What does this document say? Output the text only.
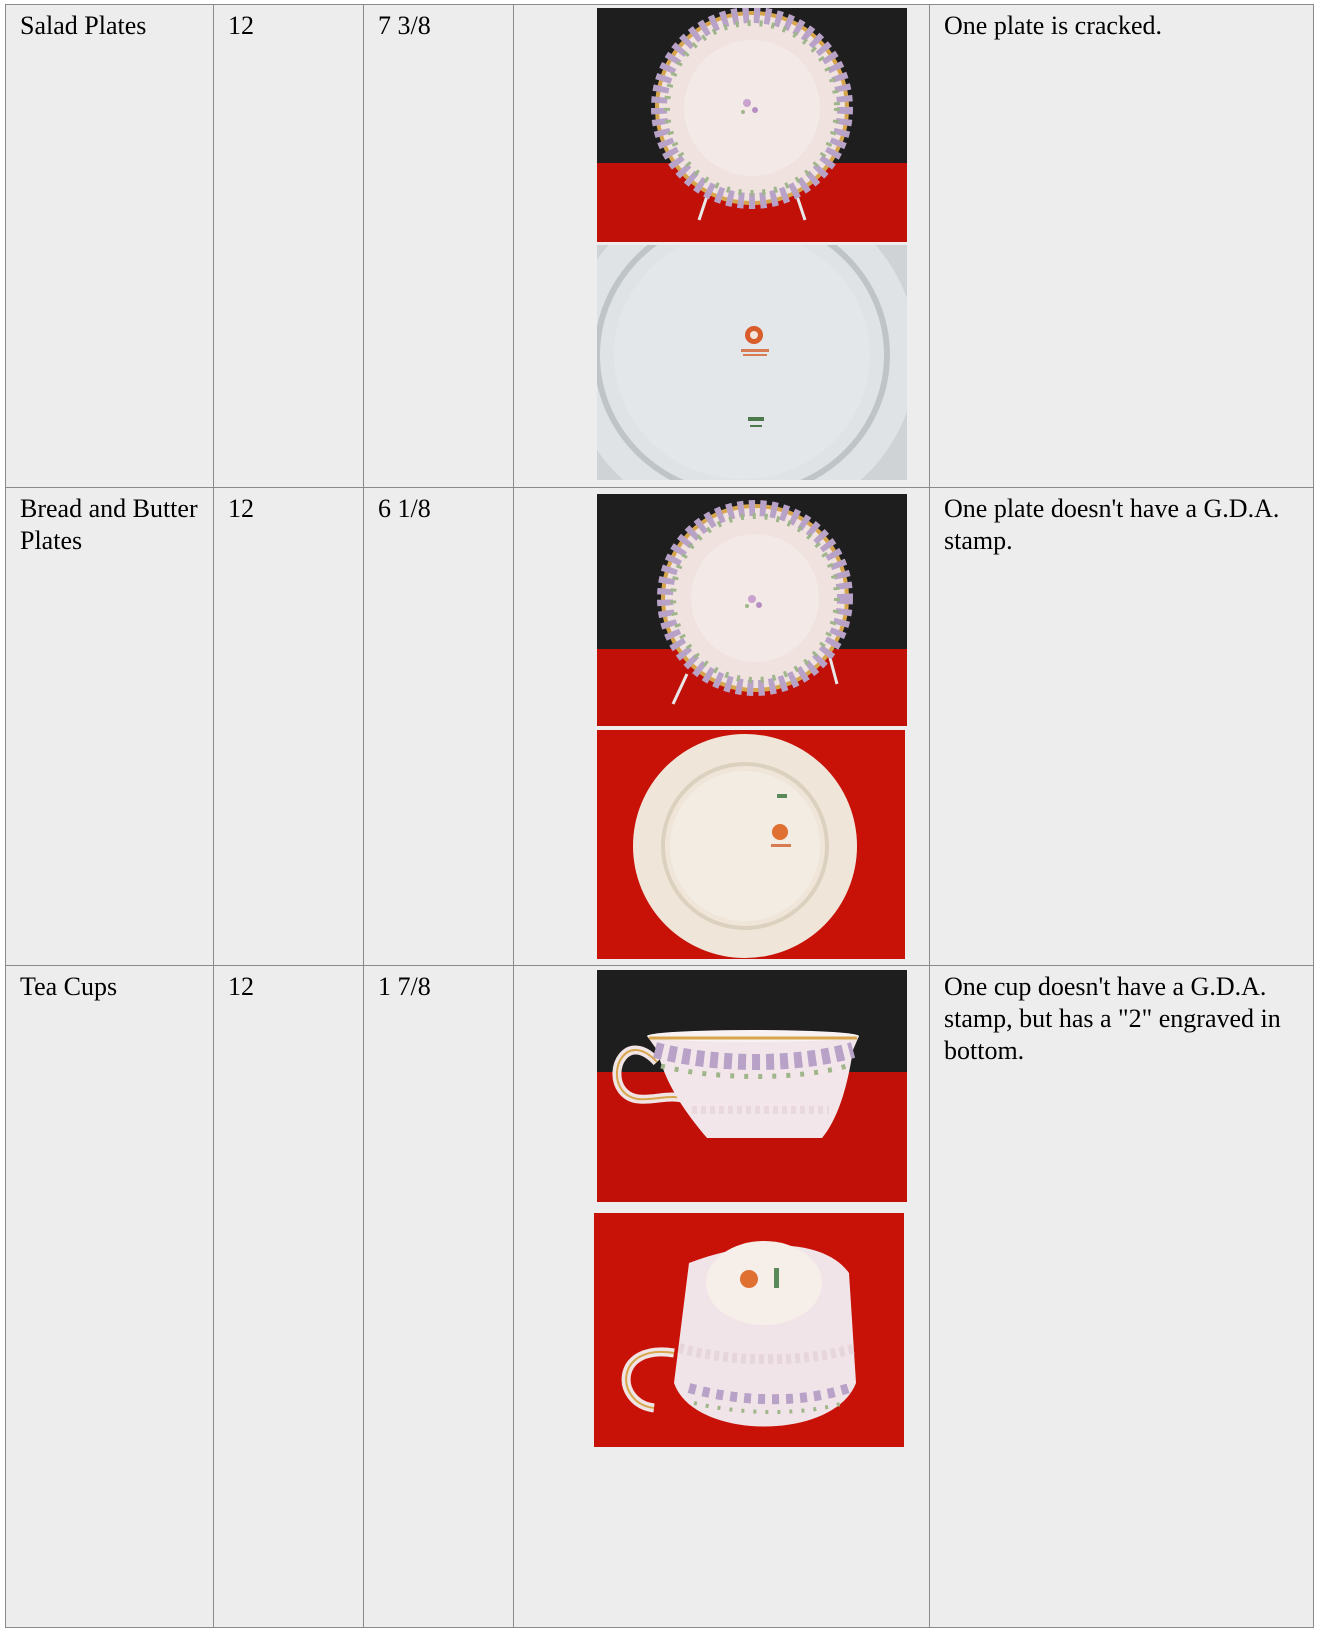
Salad Plates	12	7 3/8		One plate is cracked.
Bread and Butter Plates	12	6 1/8		One plate doesn't have a G.D.A. stamp.
Tea Cups	12	1 7/8		One cup doesn't have a G.D.A. stamp, but has a "2" engraved in bottom.
